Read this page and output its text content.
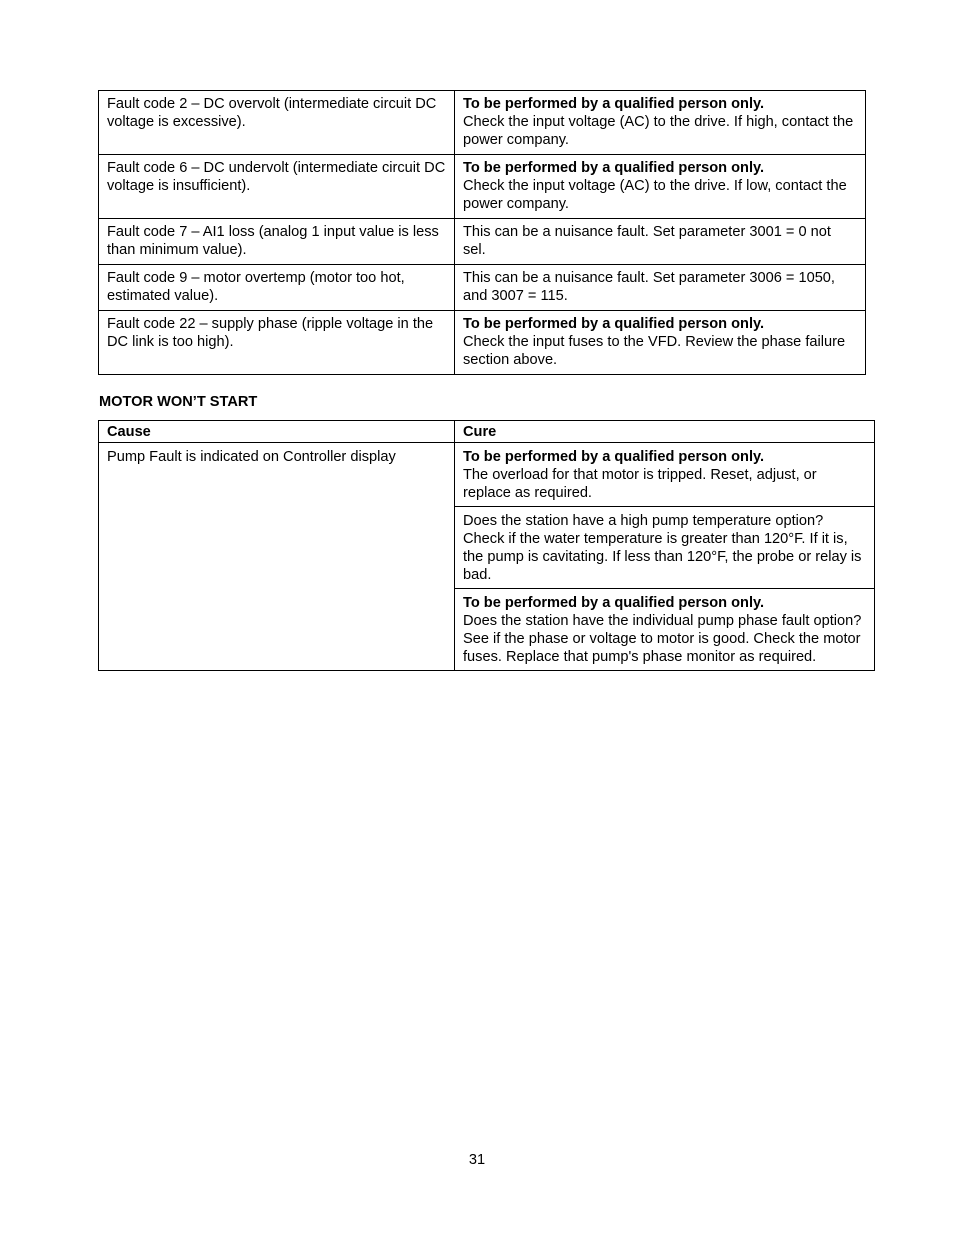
Fault code 2 – DC overvolt (intermediate circuit DC voltage is excessive).	To be performed by a qualified person only.
Check the input voltage (AC) to the drive. If high, contact the power company.

Fault code 6 – DC undervolt (intermediate circuit DC voltage is insufficient).	To be performed by a qualified person only.
Check the input voltage (AC) to the drive. If low, contact the power company.

Fault code 7 – AI1 loss (analog 1 input value is less than minimum value).	This can be a nuisance fault. Set parameter 3001 = 0 not sel.

Fault code 9 – motor overtemp (motor too hot, estimated value).	This can be a nuisance fault. Set parameter 3006 = 1050, and 3007 = 115.

Fault code 22 – supply phase (ripple voltage in the DC link is too high).	To be performed by a qualified person only.
Check the input fuses to the VFD. Review the phase failure section above.
MOTOR WON’T START
Cause	Cure
Pump Fault is indicated on Controller display	To be performed by a qualified person only.
The overload for that motor is tripped. Reset, adjust, or replace as required.

	Does the station have a high pump temperature option? Check if the water temperature is greater than 120°F. If it is, the pump is cavitating. If less than 120°F, the probe or relay is bad.

	To be performed by a qualified person only.
Does the station have the individual pump phase fault option? See if the phase or voltage to motor is good. Check the motor fuses. Replace that pump's phase monitor as required.
31
